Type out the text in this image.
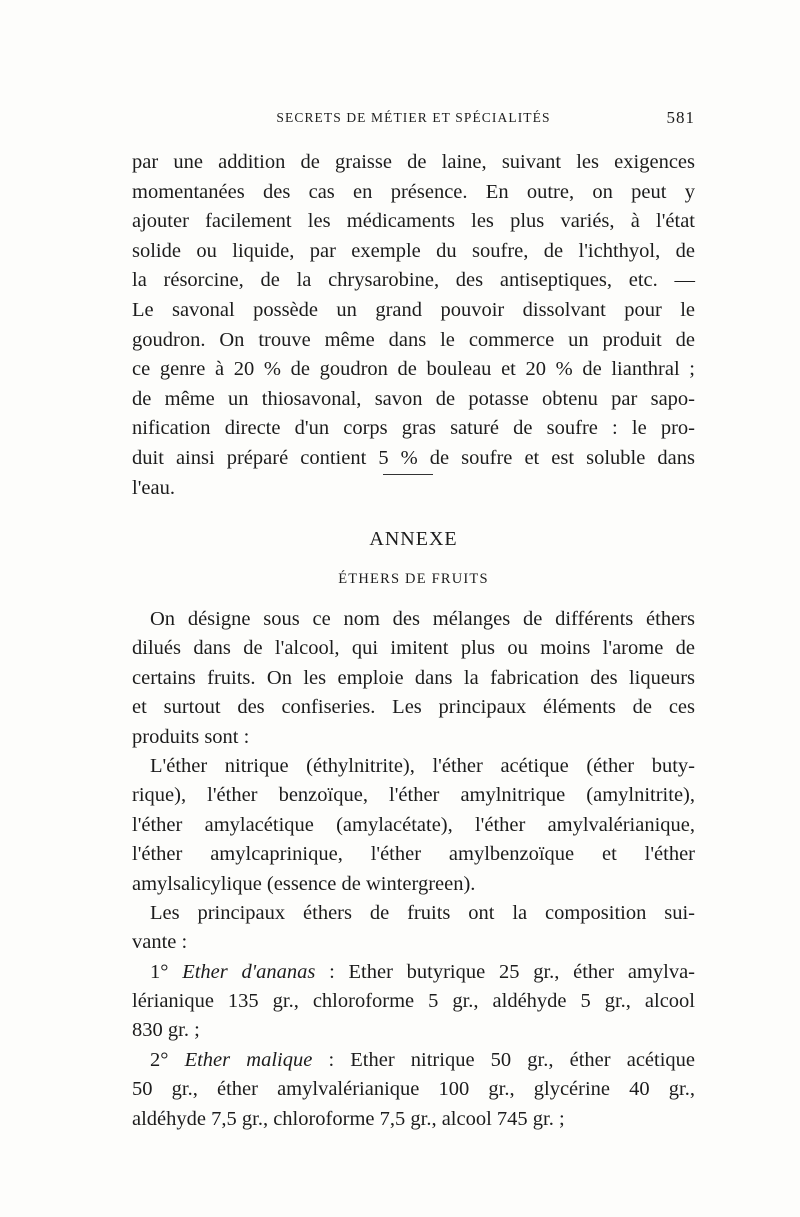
SECRETS DE MÉTIER ET SPÉCIALITÉS	581
par une addition de graisse de laine, suivant les exigences
momentanées des cas en présence. En outre, on peut y
ajouter facilement les médicaments les plus variés, à l'état
solide ou liquide, par exemple du soufre, de l'ichthyol, de
la résorcine, de la chrysarobine, des antiseptiques, etc. —
Le savonal possède un grand pouvoir dissolvant pour le
goudron. On trouve même dans le commerce un produit de
ce genre à 20 % de goudron de bouleau et 20 % de lianthral ;
de même un thiosavonal, savon de potasse obtenu par sapo-
nification directe d'un corps gras saturé de soufre : le pro-
duit ainsi préparé contient 5 % de soufre et est soluble dans
l'eau.
ANNEXE
ÉTHERS DE FRUITS
On désigne sous ce nom des mélanges de différents éthers
dilués dans de l'alcool, qui imitent plus ou moins l'arome de
certains fruits. On les emploie dans la fabrication des liqueurs
et surtout des confiseries. Les principaux éléments de ces
produits sont :
L'éther nitrique (éthylnitrite), l'éther acétique (éther buty-
rique), l'éther benzoïque, l'éther amylnitrique (amylnitrite),
l'éther amylacétique (amylacétate), l'éther amylvalérianique,
l'éther amylcaprinique, l'éther amylbenzoïque et l'éther
amylsalicylique (essence de wintergreen).
Les principaux éthers de fruits ont la composition sui-
vante :
1° Ether d'ananas : Ether butyrique 25 gr., éther amylva-
lérianique 135 gr., chloroforme 5 gr., aldéhyde 5 gr., alcool
830 gr. ;
2° Ether malique : Ether nitrique 50 gr., éther acétique
50 gr., éther amylvalérianique 100 gr., glycérine 40 gr.,
aldéhyde 7,5 gr., chloroforme 7,5 gr., alcool 745 gr. ;
